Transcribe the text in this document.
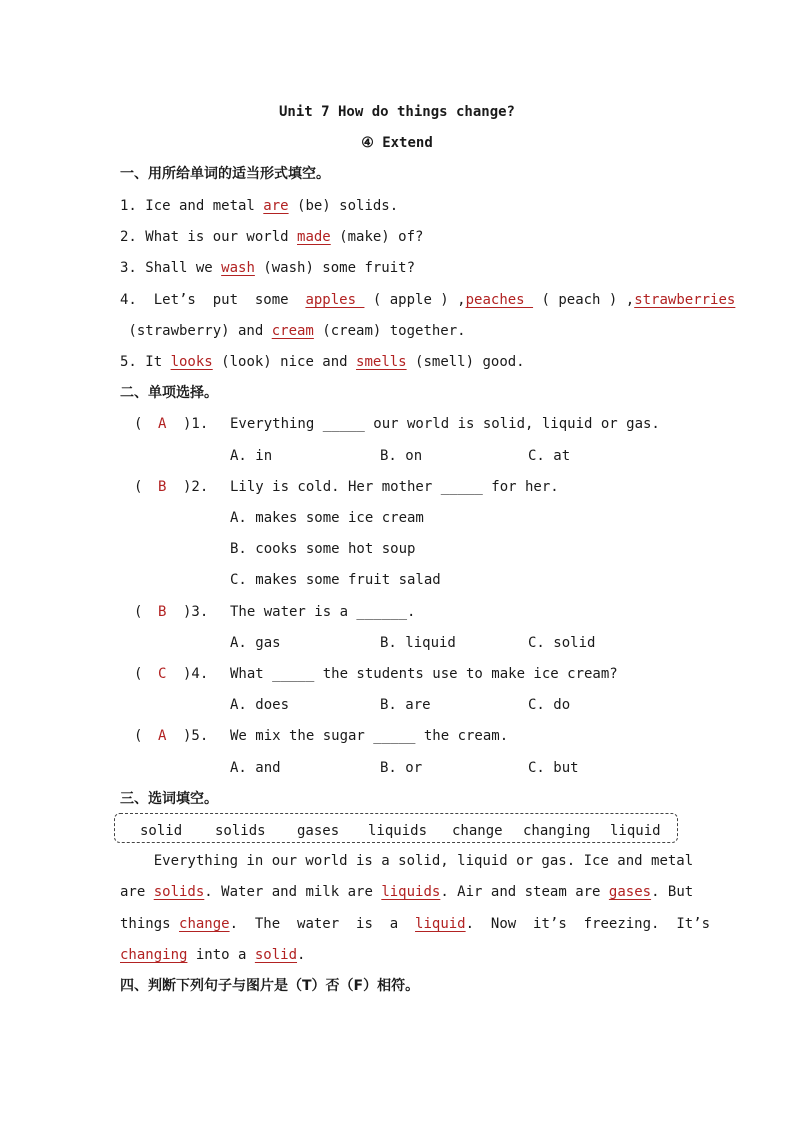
Unit 7 How do things change?
④ Extend
一、用所给单词的适当形式填空。
1. Ice and metal are (be) solids.
2. What is our world made (make) of?
3. Shall we wash (wash) some fruit?
4.  Let’s  put  some  apples  ( apple ) ,peaches  ( peach ) ,strawberries
(strawberry) and cream (cream) together.
5. It looks (look) nice and smells (smell) good.
二、单项选择。
( A )1. Everything _____ our world is solid, liquid or gas.
A. in	B. on	C. at
( B )2. Lily is cold. Her mother _____ for her.
A. makes some ice cream
B. cooks some hot soup
C. makes some fruit salad
( B )3. The water is a ______.
A. gas	B. liquid	C. solid
( C )4. What _____ the students use to make ice cream?
A. does	B. are	C. do
( A )5. We mix the sugar _____ the cream.
A. and	B. or	C. but
三、选词填空。
solid solids gases liquids change changing liquid
Everything in our world is a solid, liquid or gas. Ice and metal
are solids. Water and milk are liquids. Air and steam are gases. But
things change.  The  water  is  a  liquid.  Now  it’s  freezing.  It’s
changing into a solid.
四、判断下列句子与图片是（T）否（F）相符。
